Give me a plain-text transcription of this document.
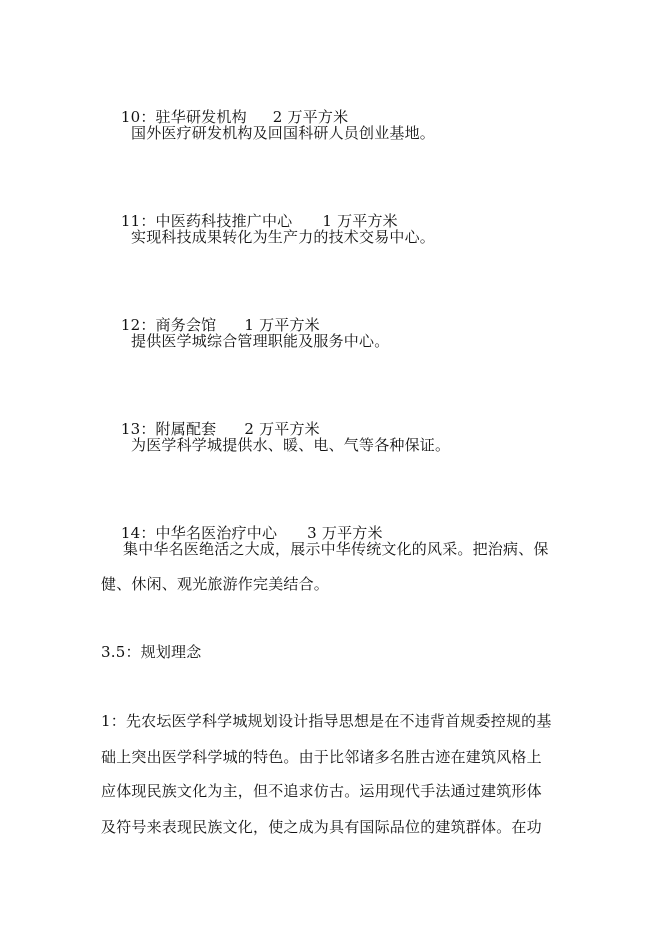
10：驻华研发机构 2 万平方米

国外医疗研发机构及回国科研人员创业基地。

11：中医药科技推广中心 1 万平方米

实现科技成果转化为生产力的技术交易中心。

12：商务会馆 1 万平方米

提供医学城综合管理职能及服务中心。

13：附属配套 2 万平方米

为医学科学城提供水、暖、电、气等各种保证。

14：中华名医治疗中心 3 万平方米

集中华名医绝活之大成，展示中华传统文化的风采。把治病、保
健、休闲、观光旅游作完美结合。
3.5：规划理念
1：先农坛医学科学城规划设计指导思想是在不违背首规委控规的基
础上突出医学科学城的特色。由于比邻诸多名胜古迹在建筑风格上
应体现民族文化为主，但不追求仿古。运用现代手法通过建筑形体
及符号来表现民族文化，使之成为具有国际品位的建筑群体。在功
